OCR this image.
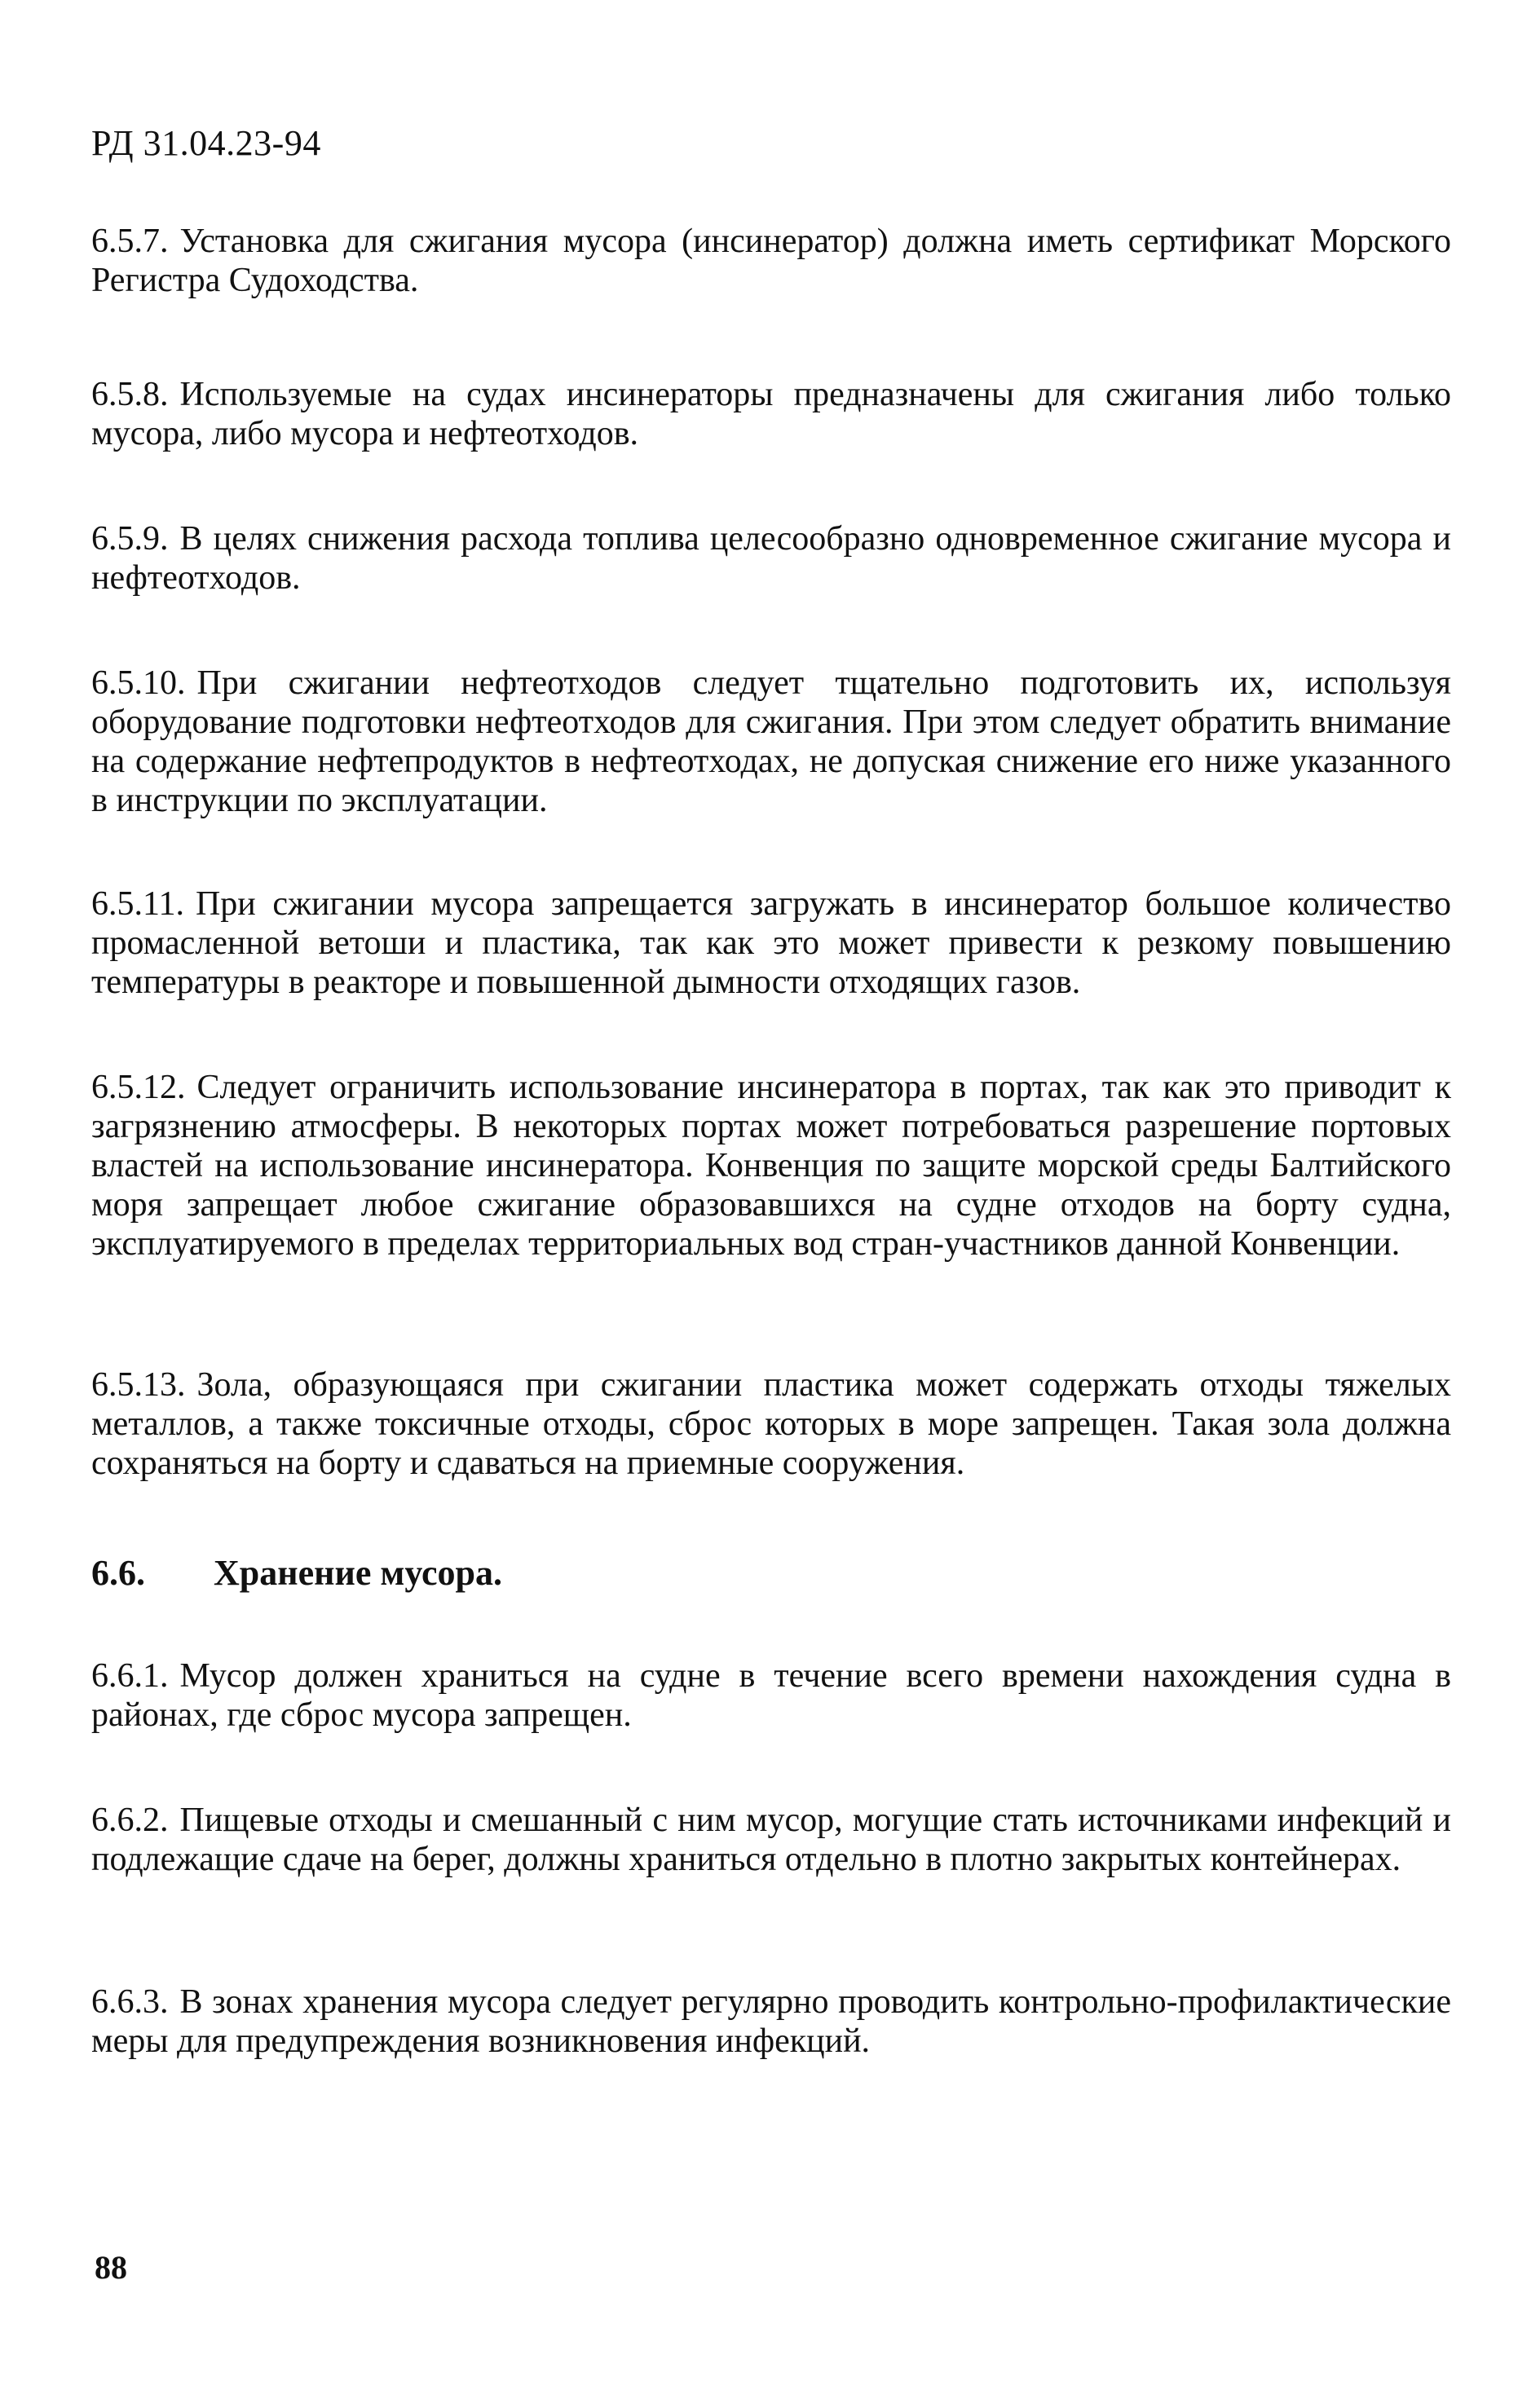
РД 31.04.23-94

6.5.7. Установка для сжигания мусора (инсинератор) должна иметь сертификат Морского Регистра Судоходства.

6.5.8. Используемые на судах инсинераторы предназначены для сжигания либо только мусора, либо мусора и нефтеотходов.

6.5.9. В целях снижения расхода топлива целесообразно одновременное сжигание мусора и нефтеотходов.

6.5.10. При сжигании нефтеотходов следует тщательно подготовить их, используя оборудование подготовки нефтеотходов для сжигания. При этом следует обратить внимание на содержание нефтепродуктов в нефтеотходах, не допуская снижение его ниже указанного в инструкции по эксплуатации.

6.5.11. При сжигании мусора запрещается загружать в инсинератор большое количество промасленной ветоши и пластика, так как это может привести к резкому повышению температуры в реакторе и повышенной дымности отходящих газов.

6.5.12. Следует ограничить использование инсинератора в портах, так как это приводит к загрязнению атмосферы. В некоторых портах может потребоваться разрешение портовых властей на использование инсинератора. Конвенция по защите морской среды Балтийского моря запрещает любое сжигание образовавшихся на судне отходов на борту судна, эксплуатируемого в пределах территориальных вод стран-участников данной Конвенции.

6.5.13. Зола, образующаяся при сжигании пластика может содержать отходы тяжелых металлов, а также токсичные отходы, сброс которых в море запрещен. Такая зола должна сохраняться на борту и сдаваться на приемные сооружения.

6.6. Хранение мусора.

6.6.1. Мусор должен храниться на судне в течение всего времени нахождения судна в районах, где сброс мусора запрещен.

6.6.2. Пищевые отходы и смешанный с ним мусор, могущие стать источниками инфекций и подлежащие сдаче на берег, должны храниться отдельно в плотно закрытых контейнерах.

6.6.3. В зонах хранения мусора следует регулярно проводить контрольно-профилактические меры для предупреждения возникновения инфекций.

88
